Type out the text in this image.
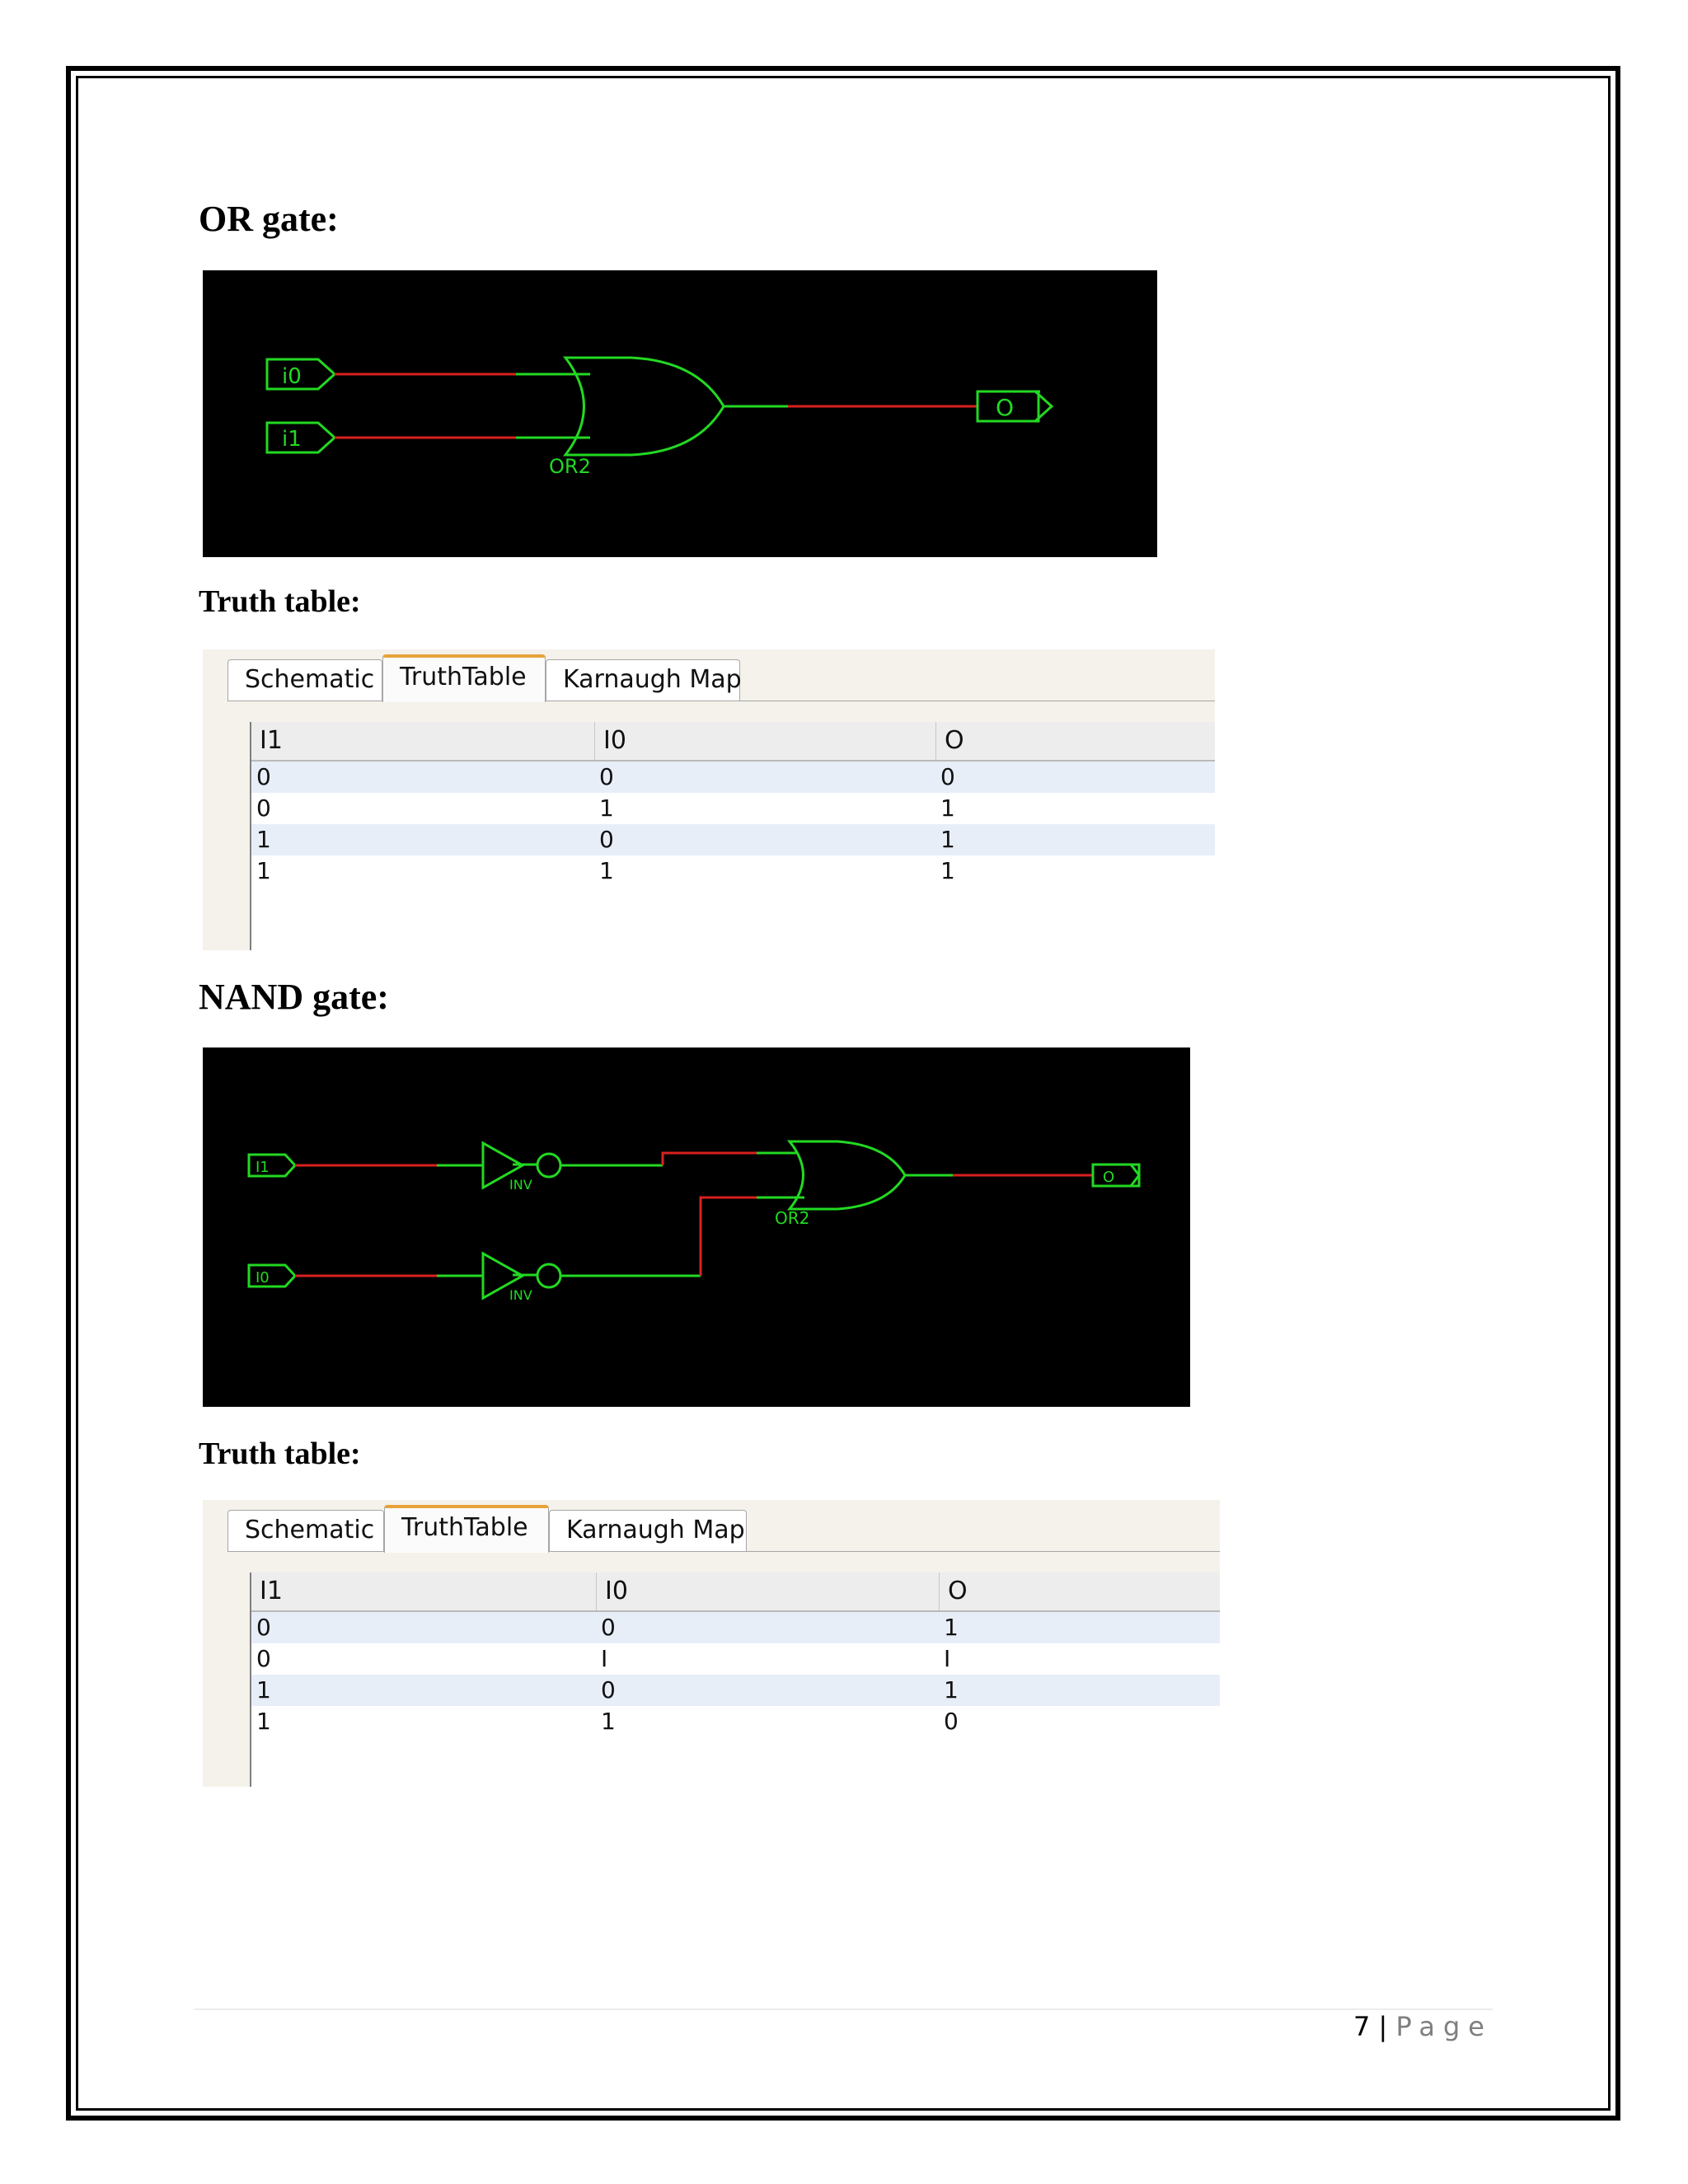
OR gate:
i0
i1
OR2
O
Truth table:
Schematic	TruthTable	Karnaugh Map
I1	I0	O
0	0	0
0	1	1
1	0	1
1	1	1
NAND gate:
I1
I0
INV
INV
OR2
O
Truth table:
Schematic	TruthTable	Karnaugh Map
I1	I0	O
0	0	1
0	I	I
1	0	1
1	1	0
7 | Page
